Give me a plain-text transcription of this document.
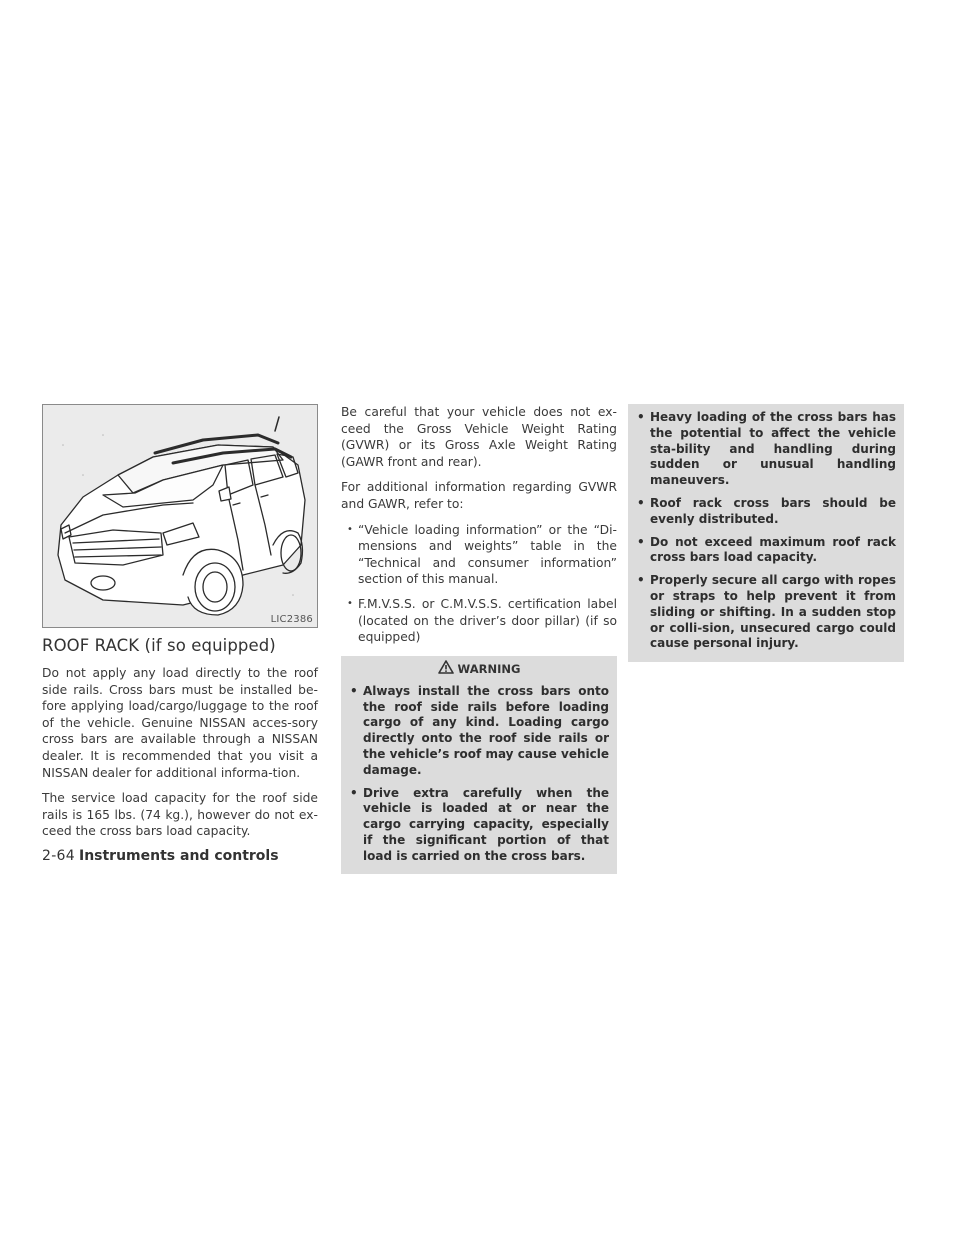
LIC2386
ROOF RACK (if so equipped)

Do not apply any load directly to the roof side rails. Cross bars must be installed be-fore applying load/cargo/luggage to the roof of the vehicle. Genuine NISSAN acces-sory cross bars are available through a NISSAN dealer. It is recommended that you visit a NISSAN dealer for additional informa-tion.

The service load capacity for the roof side rails is 165 lbs. (74 kg.), however do not ex-ceed the cross bars load capacity.

Be careful that your vehicle does not ex-ceed the Gross Vehicle Weight Rating (GVWR) or its Gross Axle Weight Rating (GAWR front and rear).

For additional information regarding GVWR and GAWR, refer to:

• “Vehicle loading information” or the “Di-mensions and weights” table in the “Technical and consumer information” section of this manual.
• F.M.V.S.S. or C.M.V.S.S. certification label (located on the driver’s door pillar) (if so equipped)
WARNING
• Always install the cross bars onto the roof side rails before loading cargo of any kind. Loading cargo directly onto the roof side rails or the vehicle’s roof may cause vehicle damage.
• Drive extra carefully when the vehicle is loaded at or near the cargo carrying capacity, especially if the significant portion of that load is carried on the cross bars.
• Heavy loading of the cross bars has the potential to affect the vehicle sta-bility and handling during sudden or unusual handling maneuvers.
• Roof rack cross bars should be evenly distributed.
• Do not exceed maximum roof rack cross bars load capacity.
• Properly secure all cargo with ropes or straps to help prevent it from sliding or shifting. In a sudden stop or colli-sion, unsecured cargo could cause personal injury.
2-64 Instruments and controls
